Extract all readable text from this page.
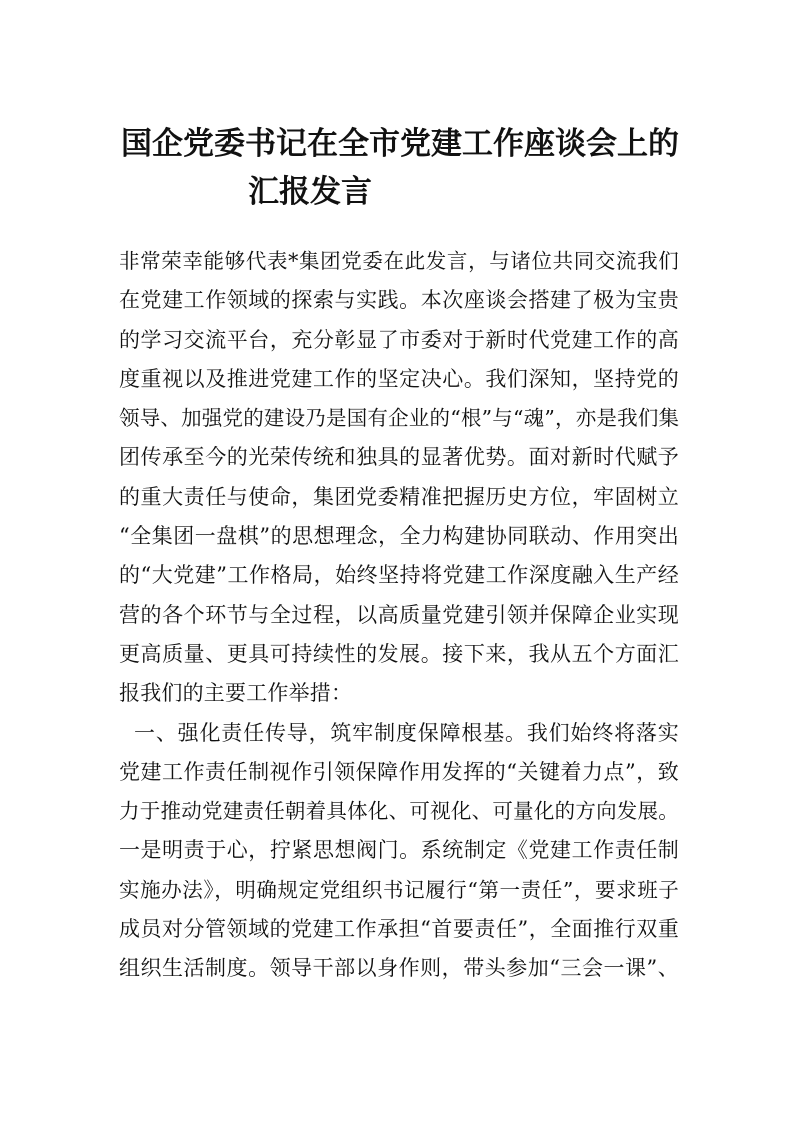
国企党委书记在全市党建工作座谈会上的
汇报发言
非常荣幸能够代表*集团党委在此发言，与诸位共同交流我们
在党建工作领域的探索与实践。本次座谈会搭建了极为宝贵
的学习交流平台，充分彰显了市委对于新时代党建工作的高
度重视以及推进党建工作的坚定决心。我们深知，坚持党的
领导、加强党的建设乃是国有企业的“根”与“魂”，亦是我们集
团传承至今的光荣传统和独具的显著优势。面对新时代赋予
的重大责任与使命，集团党委精准把握历史方位，牢固树立
“全集团一盘棋”的思想理念，全力构建协同联动、作用突出
的“大党建”工作格局，始终坚持将党建工作深度融入生产经
营的各个环节与全过程，以高质量党建引领并保障企业实现
更高质量、更具可持续性的发展。接下来，我从五个方面汇
报我们的主要工作举措：
一、强化责任传导，筑牢制度保障根基。我们始终将落实
党建工作责任制视作引领保障作用发挥的“关键着力点”，致
力于推动党建责任朝着具体化、可视化、可量化的方向发展。
一是明责于心，拧紧思想阀门。系统制定《党建工作责任制
实施办法》，明确规定党组织书记履行“第一责任”，要求班子
成员对分管领域的党建工作承担“首要责任”，全面推行双重
组织生活制度。领导干部以身作则，带头参加“三会一课”、
